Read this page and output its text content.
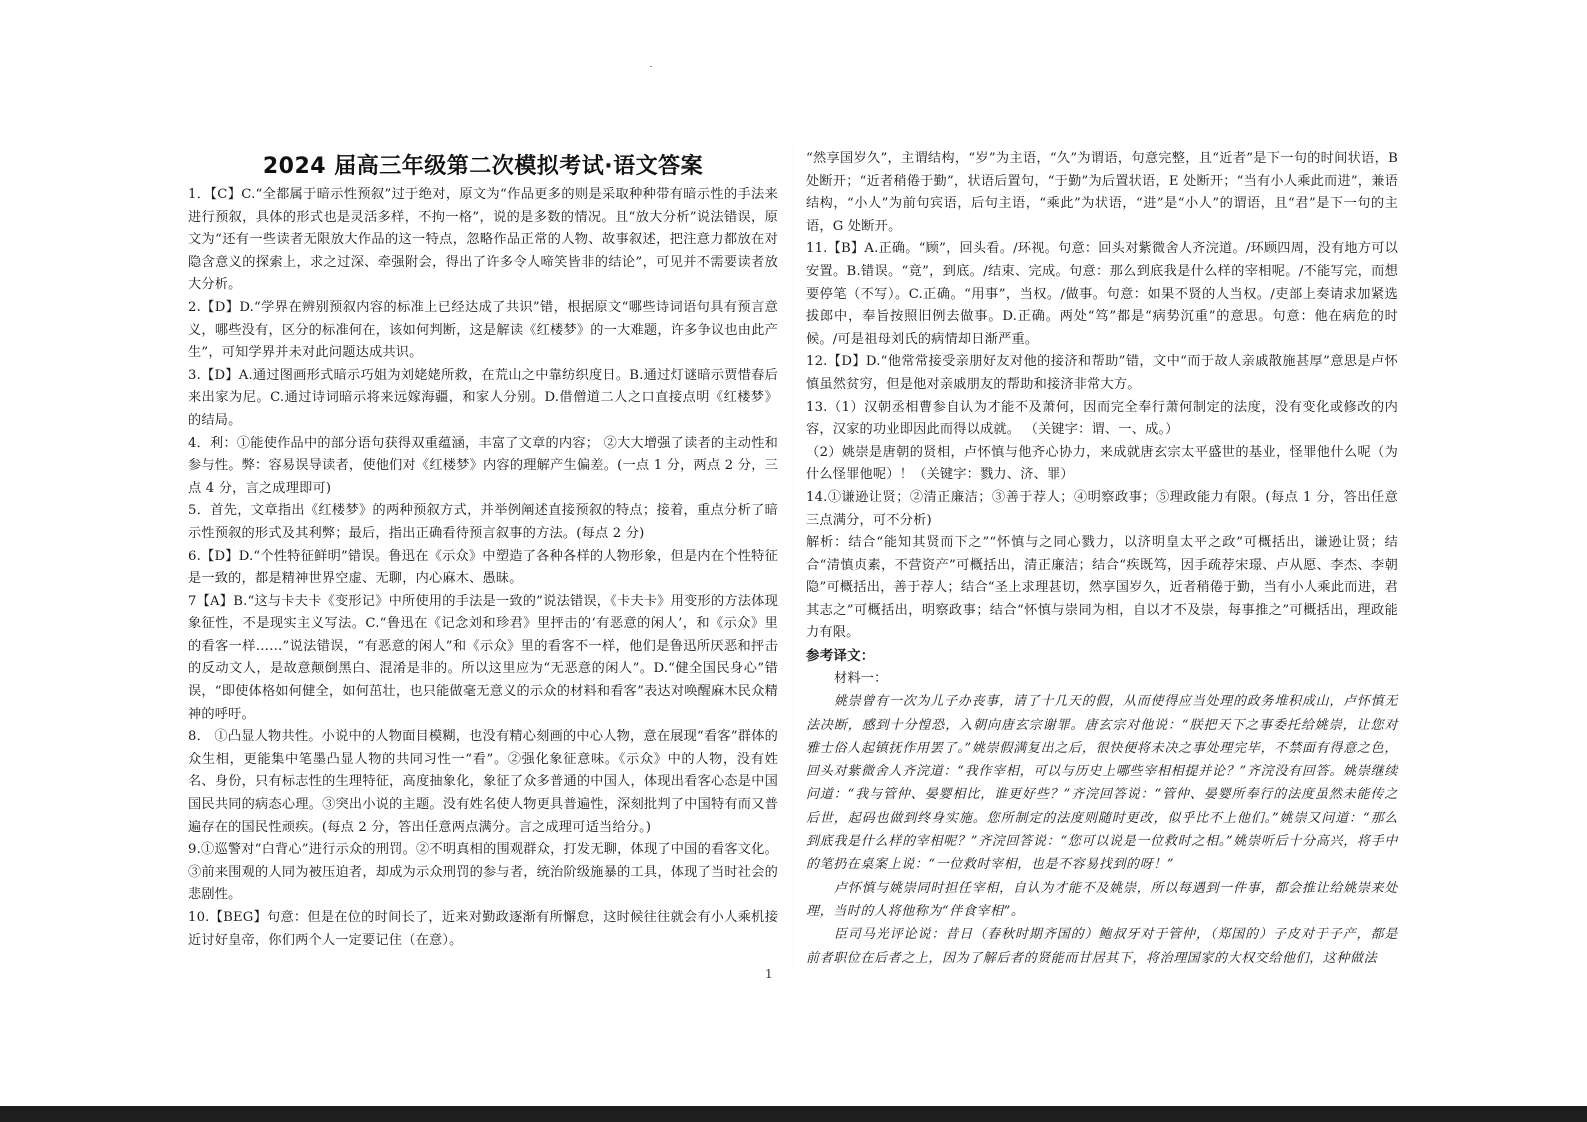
2024 届高三年级第二次模拟考试·语文答案

1．【C】C.“全都属于暗示性预叙”过于绝对，原文为“作品更多的则是采取种种带有暗示性的手法来进行预叙，具体的形式也是灵活多样，不拘一格”，说的是多数的情况。且“放大分析”说法错误，原文为“还有一些读者无限放大作品的这一特点，忽略作品正常的人物、故事叙述，把注意力都放在对隐含意义的探索上，求之过深、牵强附会，得出了许多令人啼笑皆非的结论”，可见并不需要读者放大分析。

2.【D】D.“学界在辨别预叙内容的标准上已经达成了共识”错，根据原文“哪些诗词语句具有预言意义，哪些没有，区分的标准何在，该如何判断，这是解读《红楼梦》的一大难题，许多争议也由此产生”，可知学界并未对此问题达成共识。

3.【D】A.通过图画形式暗示巧姐为刘姥姥所救，在荒山之中靠纺织度日。B.通过灯谜暗示贾惜春后来出家为尼。C.通过诗词暗示将来远嫁海疆，和家人分别。D.借僧道二人之口直接点明《红楼梦》的结局。

4．利：①能使作品中的部分语句获得双重蕴涵，丰富了文章的内容； ②大大增强了读者的主动性和参与性。弊：容易误导读者，使他们对《红楼梦》内容的理解产生偏差。(一点 1 分，两点 2 分，三点 4 分，言之成理即可)

5．首先，文章指出《红楼梦》的两种预叙方式，并举例阐述直接预叙的特点；接着，重点分析了暗示性预叙的形式及其利弊；最后，指出正确看待预言叙事的方法。(每点 2 分)

6.【D】D.“个性特征鲜明”错误。鲁迅在《示众》中塑造了各种各样的人物形象，但是内在个性特征是一致的，都是精神世界空虚、无聊，内心麻木、愚昧。

7【A】B.“这与卡夫卡《变形记》中所使用的手法是一致的”说法错误，《卡夫卡》用变形的方法体现象征性，不是现实主义写法。C.“鲁迅在《记念刘和珍君》里抨击的‘有恶意的闲人’，和《示众》里的看客一样……”说法错误，“有恶意的闲人”和《示众》里的看客不一样，他们是鲁迅所厌恶和抨击的反动文人，是故意颠倒黑白、混淆是非的。所以这里应为“无恶意的闲人”。D.“健全国民身心”错误，“即使体格如何健全，如何茁壮，也只能做毫无意义的示众的材料和看客”表达对唤醒麻木民众精神的呼吁。

8． ①凸显人物共性。小说中的人物面目模糊，也没有精心刻画的中心人物，意在展现“看客”群体的众生相，更能集中笔墨凸显人物的共同习性一“看”。②强化象征意味。《示众》中的人物，没有姓名、身份，只有标志性的生理特征，高度抽象化，象征了众多普通的中国人，体现出看客心态是中国国民共同的病态心理。③突出小说的主题。没有姓名使人物更具普遍性，深刻批判了中国特有而又普遍存在的国民性顽疾。(每点 2 分，答出任意两点满分。言之成理可适当给分。)

9.①巡警对“白背心”进行示众的刑罚。②不明真相的围观群众，打发无聊，体现了中国的看客文化。③前来围观的人同为被压迫者，却成为示众刑罚的参与者，统治阶级施暴的工具，体现了当时社会的悲剧性。

10.【BEG】句意：但是在位的时间长了，近来对勤政逐渐有所懈怠，这时候往往就会有小人乘机接近讨好皇帝，你们两个人一定要记住（在意）。

“然享国岁久”，主谓结构，“岁”为主语，“久”为谓语，句意完整，且“近者”是下一句的时间状语，B 处断开；“近者稍倦于勤”，状语后置句，“于勤”为后置状语，E 处断开；“当有小人乘此而进”，兼语结构，“小人”为前句宾语，后句主语，“乘此”为状语，“进”是“小人”的谓语，且“君”是下一句的主语，G 处断开。

11.【B】A.正确。“顾”，回头看。/环视。句意：回头对紫微舍人齐浣道。/环顾四周，没有地方可以安置。B.错误。“竟”，到底。/结束、完成。句意：那么到底我是什么样的宰相呢。/不能写完，而想要停笔（不写）。C.正确。“用事”，当权。/做事。句意：如果不贤的人当权。/吏部上奏请求加紧选拔郎中，奉旨按照旧例去做事。D.正确。两处“笃”都是“病势沉重”的意思。句意：他在病危的时候。/可是祖母刘氏的病情却日渐严重。

12.【D】D.“他常常接受亲朋好友对他的接济和帮助”错，文中“而于故人亲戚散施甚厚”意思是卢怀慎虽然贫穷，但是他对亲戚朋友的帮助和接济非常大方。

13.（1）汉朝丞相曹参自认为才能不及萧何，因而完全奉行萧何制定的法度，没有变化或修改的内容，汉家的功业即因此而得以成就。 （关键字：谓、一、成。）

（2）姚崇是唐朝的贤相，卢怀慎与他齐心协力，来成就唐玄宗太平盛世的基业，怪罪他什么呢（为什么怪罪他呢）！（关键字：戮力、济、罪）

14.①谦逊让贤；②清正廉洁；③善于荐人；④明察政事；⑤理政能力有限。(每点 1 分，答出任意三点满分，可不分析)

解析：结合“能知其贤而下之”“怀慎与之同心戮力，以济明皇太平之政”可概括出，谦逊让贤；结合“清慎贞素，不营资产”可概括出，清正廉洁；结合“疾既笃，因手疏荐宋璟、卢从愿、李杰、李朝隐”可概括出，善于荐人；结合“圣上求理甚切，然享国岁久，近者稍倦于勤，当有小人乘此而进，君其志之”可概括出，明察政事；结合“怀慎与崇同为相，自以才不及崇，每事推之”可概括出，理政能力有限。

参考译文：

材料一：

姚崇曾有一次为儿子办丧事，请了十几天的假，从而使得应当处理的政务堆积成山，卢怀慎无法决断，感到十分惶恐，入朝向唐玄宗谢罪。唐玄宗对他说：“朕把天下之事委托给姚崇，让您对雅士俗人起镇抚作用罢了。”姚崇假满复出之后，很快便将未决之事处理完毕，不禁面有得意之色，回头对紫微舍人齐浣道：“我作宰相，可以与历史上哪些宰相相提并论？”齐浣没有回答。姚崇继续问道：“我与管仲、晏婴相比，谁更好些？”齐浣回答说：“管仲、晏婴所奉行的法度虽然未能传之后世，起码也做到终身实施。您所制定的法度则随时更改，似乎比不上他们。”姚崇又问道：“那么到底我是什么样的宰相呢？”齐浣回答说：“您可以说是一位救时之相。”姚崇听后十分高兴，将手中的笔扔在桌案上说：“一位救时宰相，也是不容易找到的呀！”

卢怀慎与姚崇同时担任宰相，自认为才能不及姚崇，所以每遇到一件事，都会推让给姚崇来处理，当时的人将他称为“伴食宰相”。

臣司马光评论说：昔日（春秋时期齐国的）鲍叔牙对于管仲，（郑国的）子皮对于子产，都是前者职位在后者之上，因为了解后者的贤能而甘居其下，将治理国家的大权交给他们，这种做法

1
